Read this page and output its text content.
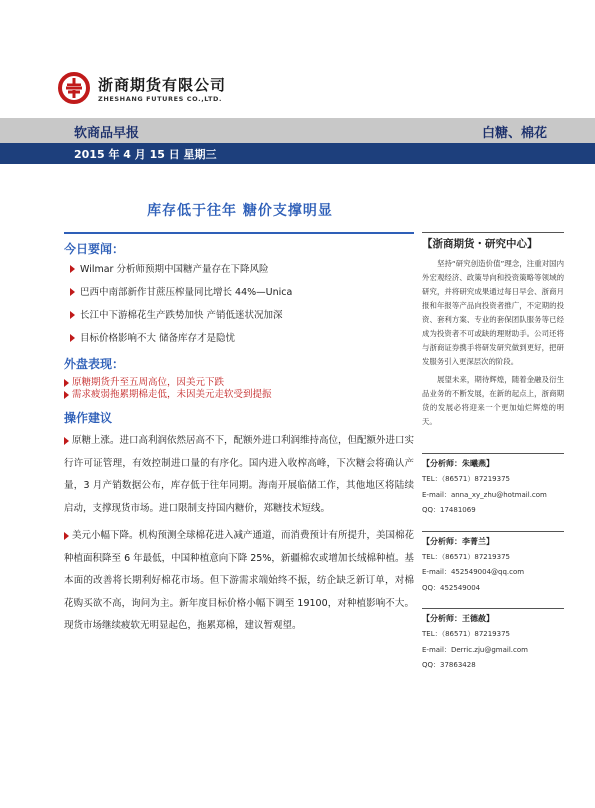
浙商期货有限公司
ZHESHANG FUTURES CO.,LTD.
软商品早报	白糖、棉花
2015 年 4 月 15 日 星期三
库存低于往年 糖价支撑明显
今日要闻：
Wilmar 分析师预期中国糖产量存在下降风险
巴西中南部新作甘蔗压榨量同比增长 44%—Unica
长江中下游棉花生产跌势加快 产销低迷状况加深
目标价格影响不大 储备库存才是隐忧
外盘表现：
原糖期货升至五周高位，因美元下跌
需求疲弱拖累期棉走低，未因美元走软受到提振
操作建议
原糖上涨。进口高利润依然居高不下，配额外进口利润维持高位，但配额外进口实行许可证管理，有效控制进口量的有序化。国内进入收榨高峰，下次糖会将确认产量，3 月产销数据公布，库存低于往年同期。海南开展临储工作，其他地区将陆续启动，支撑现货市场。进口限制支持国内糖价，郑糖技术短线。
美元小幅下降。机构预测全球棉花进入减产通道，而消费预计有所提升，美国棉花种植面积降至 6 年最低，中国种植意向下降 25%，新疆棉农或增加长绒棉种植。基本面的改善将长期利好棉花市场。但下游需求端始终不振，纺企缺乏新订单，对棉花购买欲不高，询问为主。新年度目标价格小幅下调至 19100，对种植影响不大。现货市场继续疲软无明显起色，拖累郑棉，建议暂观望。
【浙商期货・研究中心】
坚持“研究创造价值”理念，注重对国内外宏观经济、政策导向和投资策略等领域的研究，并将研究成果通过每日早会、浙商月报和年报等产品向投资者推广，不定期的投资、套利方案、专业的套保团队服务等已经成为投资者不可或缺的理财助手。公司还将与浙商证券携手将研发研究做到更好，把研发服务引入更深层次的阶段。
展望未来，期待辉煌，随着金融及衍生品业务的不断发展，在新的起点上，浙商期货的发展必将迎来一个更加灿烂辉煌的明天。
【分析师：朱曦燕】
TEL：（86571）87219375
E-mail：anna_xy_zhu@hotmail.com
QQ：17481069
【分析师：李菁兰】
TEL：（86571）87219375
E-mail：452549004@qq.com
QQ：452549004
【分析师：王德赦】
TEL：（86571）87219375
E-mail：Derric.zju@gmail.com
QQ：37863428
